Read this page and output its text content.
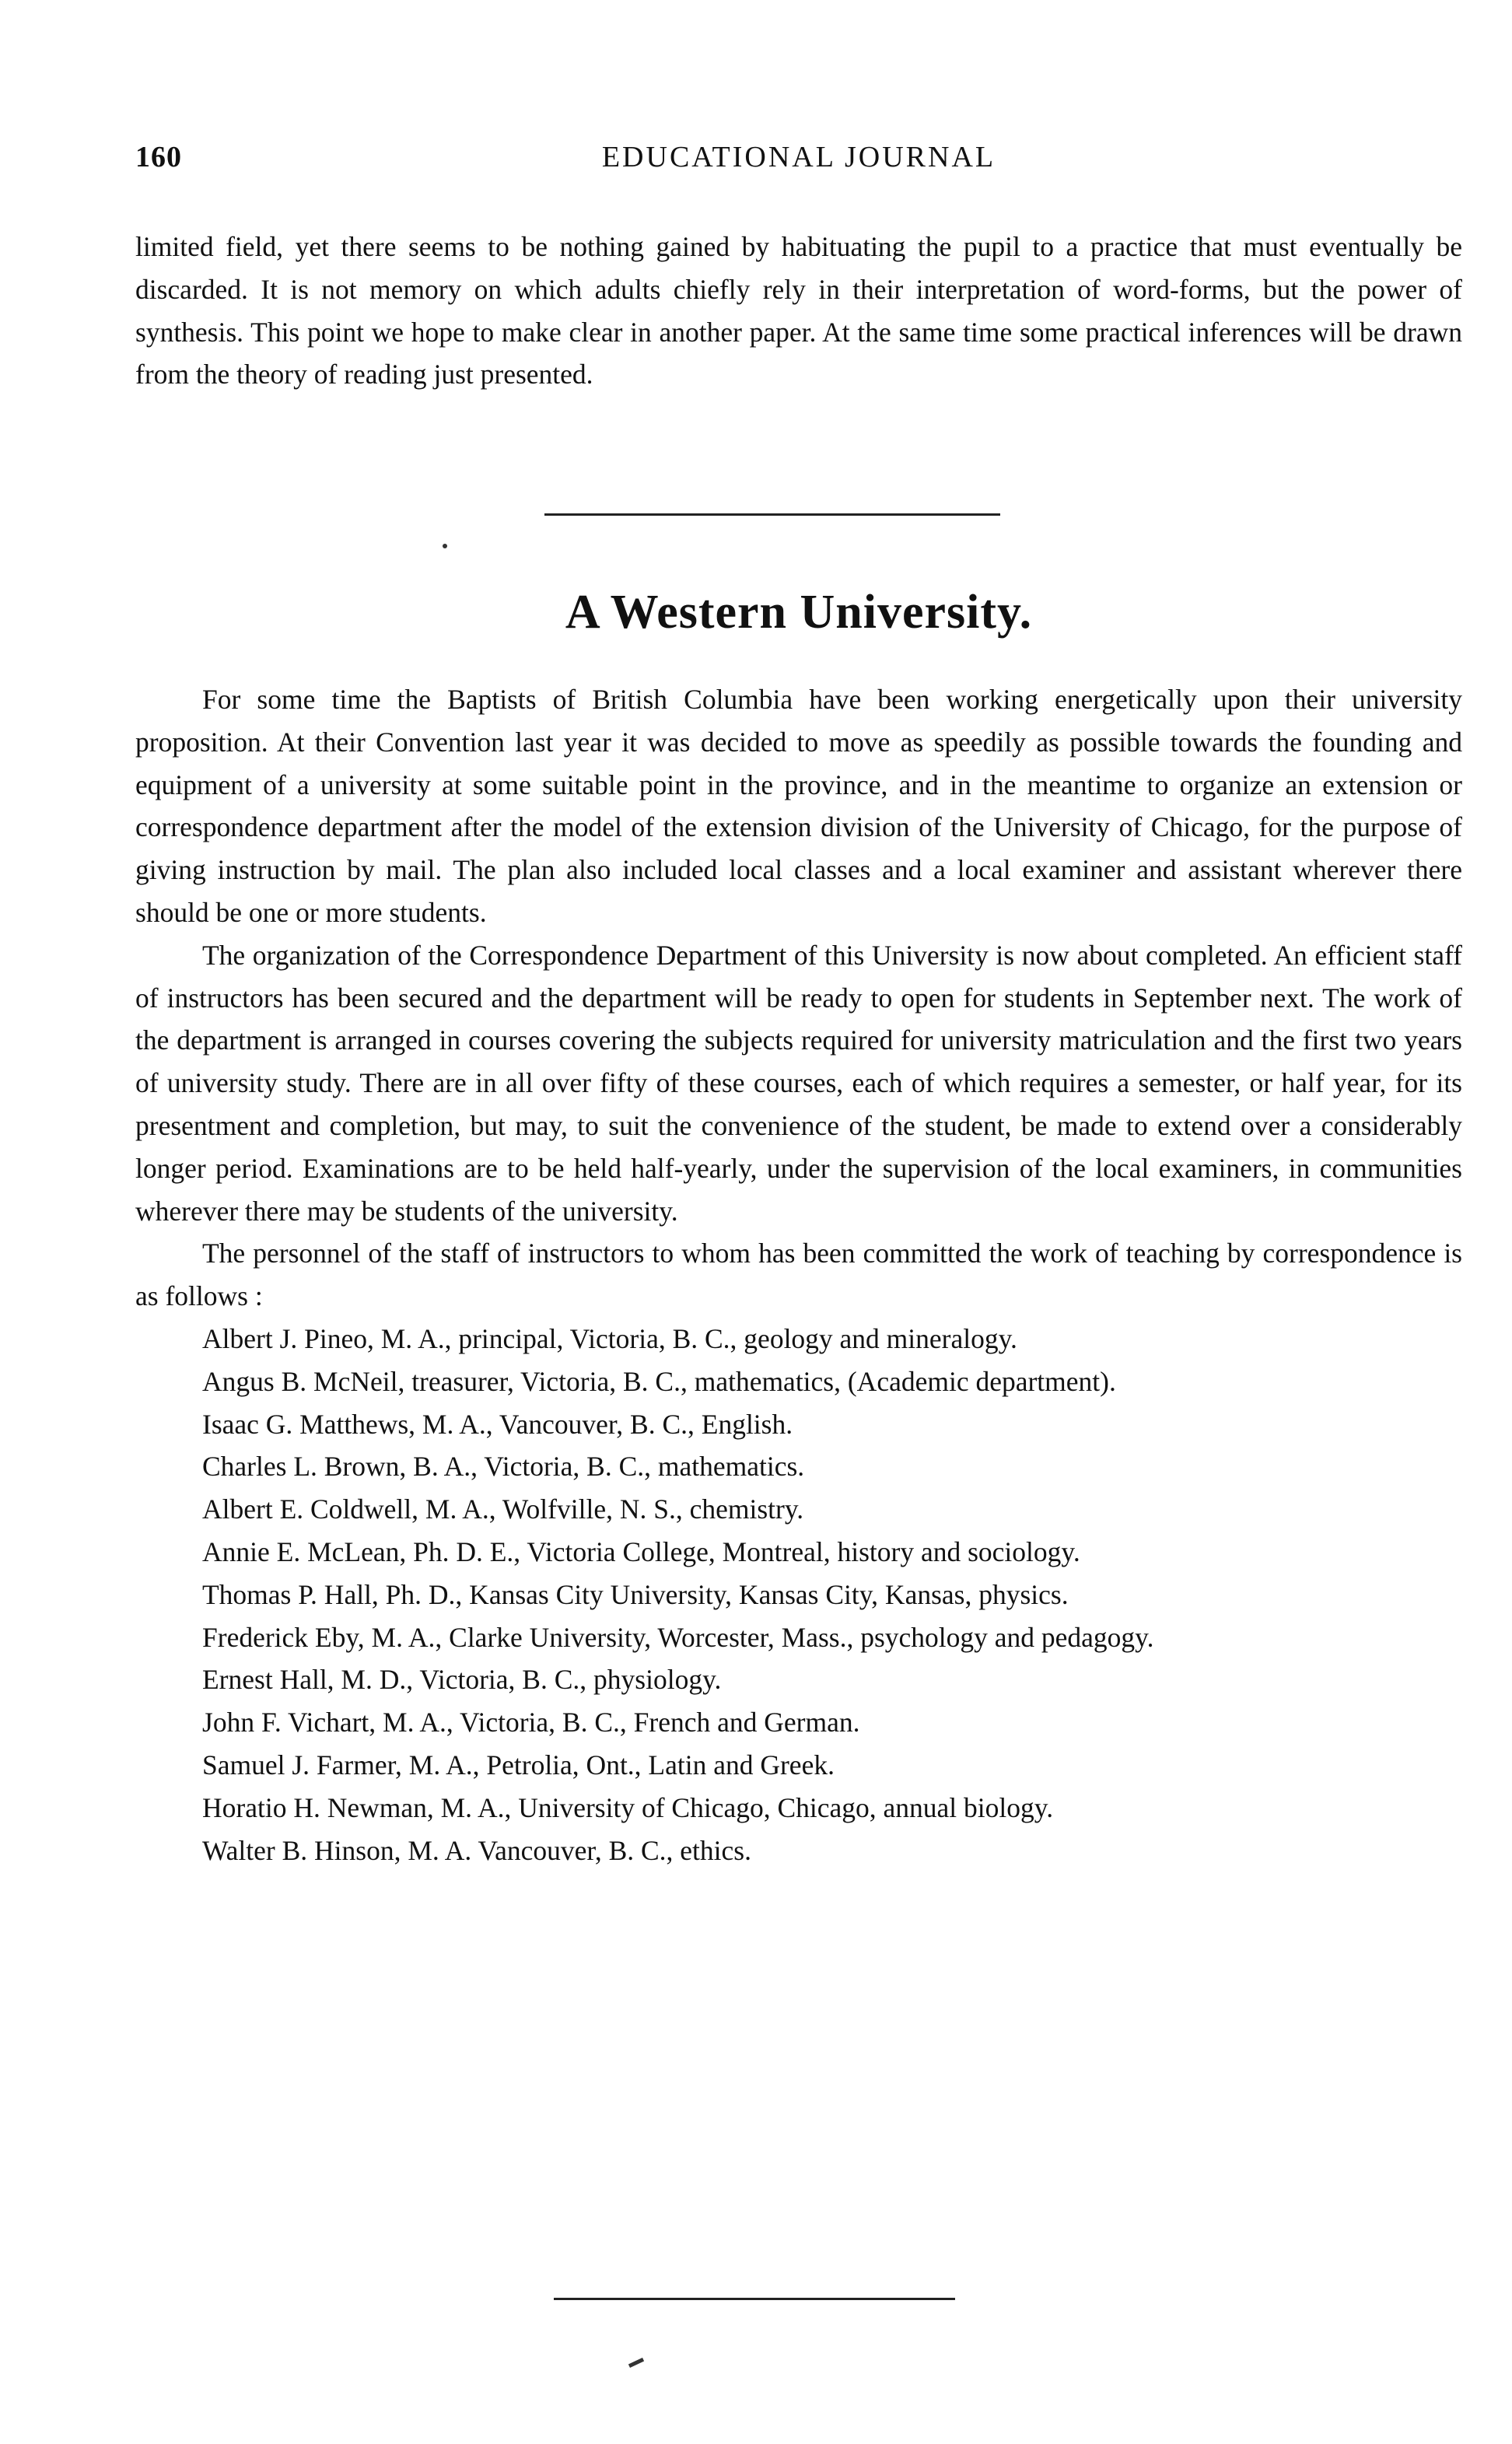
160	EDUCATIONAL JOURNAL

limited field, yet there seems to be nothing gained by habituating the pupil to a practice that must eventually be discarded. It is not memory on which adults chiefly rely in their interpretation of word-forms, but the power of synthesis. This point we hope to make clear in another paper. At the same time some practical inferences will be drawn from the theory of reading just presented.

A Western University.

For some time the Baptists of British Columbia have been working energetically upon their university proposition. At their Convention last year it was decided to move as speedily as possible towards the founding and equipment of a university at some suitable point in the province, and in the meantime to organize an extension or correspondence department after the model of the extension division of the University of Chicago, for the purpose of giving instruction by mail. The plan also included local classes and a local examiner and assistant wherever there should be one or more students.

The organization of the Correspondence Department of this University is now about completed. An efficient staff of instructors has been secured and the department will be ready to open for students in September next. The work of the department is arranged in courses covering the subjects required for university matriculation and the first two years of university study. There are in all over fifty of these courses, each of which requires a semester, or half year, for its presentment and completion, but may, to suit the convenience of the student, be made to extend over a considerably longer period. Examinations are to be held half-yearly, under the supervision of the local examiners, in communities wherever there may be students of the university.

The personnel of the staff of instructors to whom has been committed the work of teaching by correspondence is as follows :

Albert J. Pineo, M. A., principal, Victoria, B. C., geology and mineralogy.

Angus B. McNeil, treasurer, Victoria, B. C., mathematics, (Academic department).

Isaac G. Matthews, M. A., Vancouver, B. C., English.

Charles L. Brown, B. A., Victoria, B. C., mathematics.

Albert E. Coldwell, M. A., Wolfville, N. S., chemistry.

Annie E. McLean, Ph. D. E., Victoria College, Montreal, history and sociology.

Thomas P. Hall, Ph. D., Kansas City University, Kansas City, Kansas, physics.

Frederick Eby, M. A., Clarke University, Worcester, Mass., psychology and pedagogy.

Ernest Hall, M. D., Victoria, B. C., physiology.

John F. Vichart, M. A., Victoria, B. C., French and German.

Samuel J. Farmer, M. A., Petrolia, Ont., Latin and Greek.

Horatio H. Newman, M. A., University of Chicago, Chicago, annual biology.

Walter B. Hinson, M. A. Vancouver, B. C., ethics.
